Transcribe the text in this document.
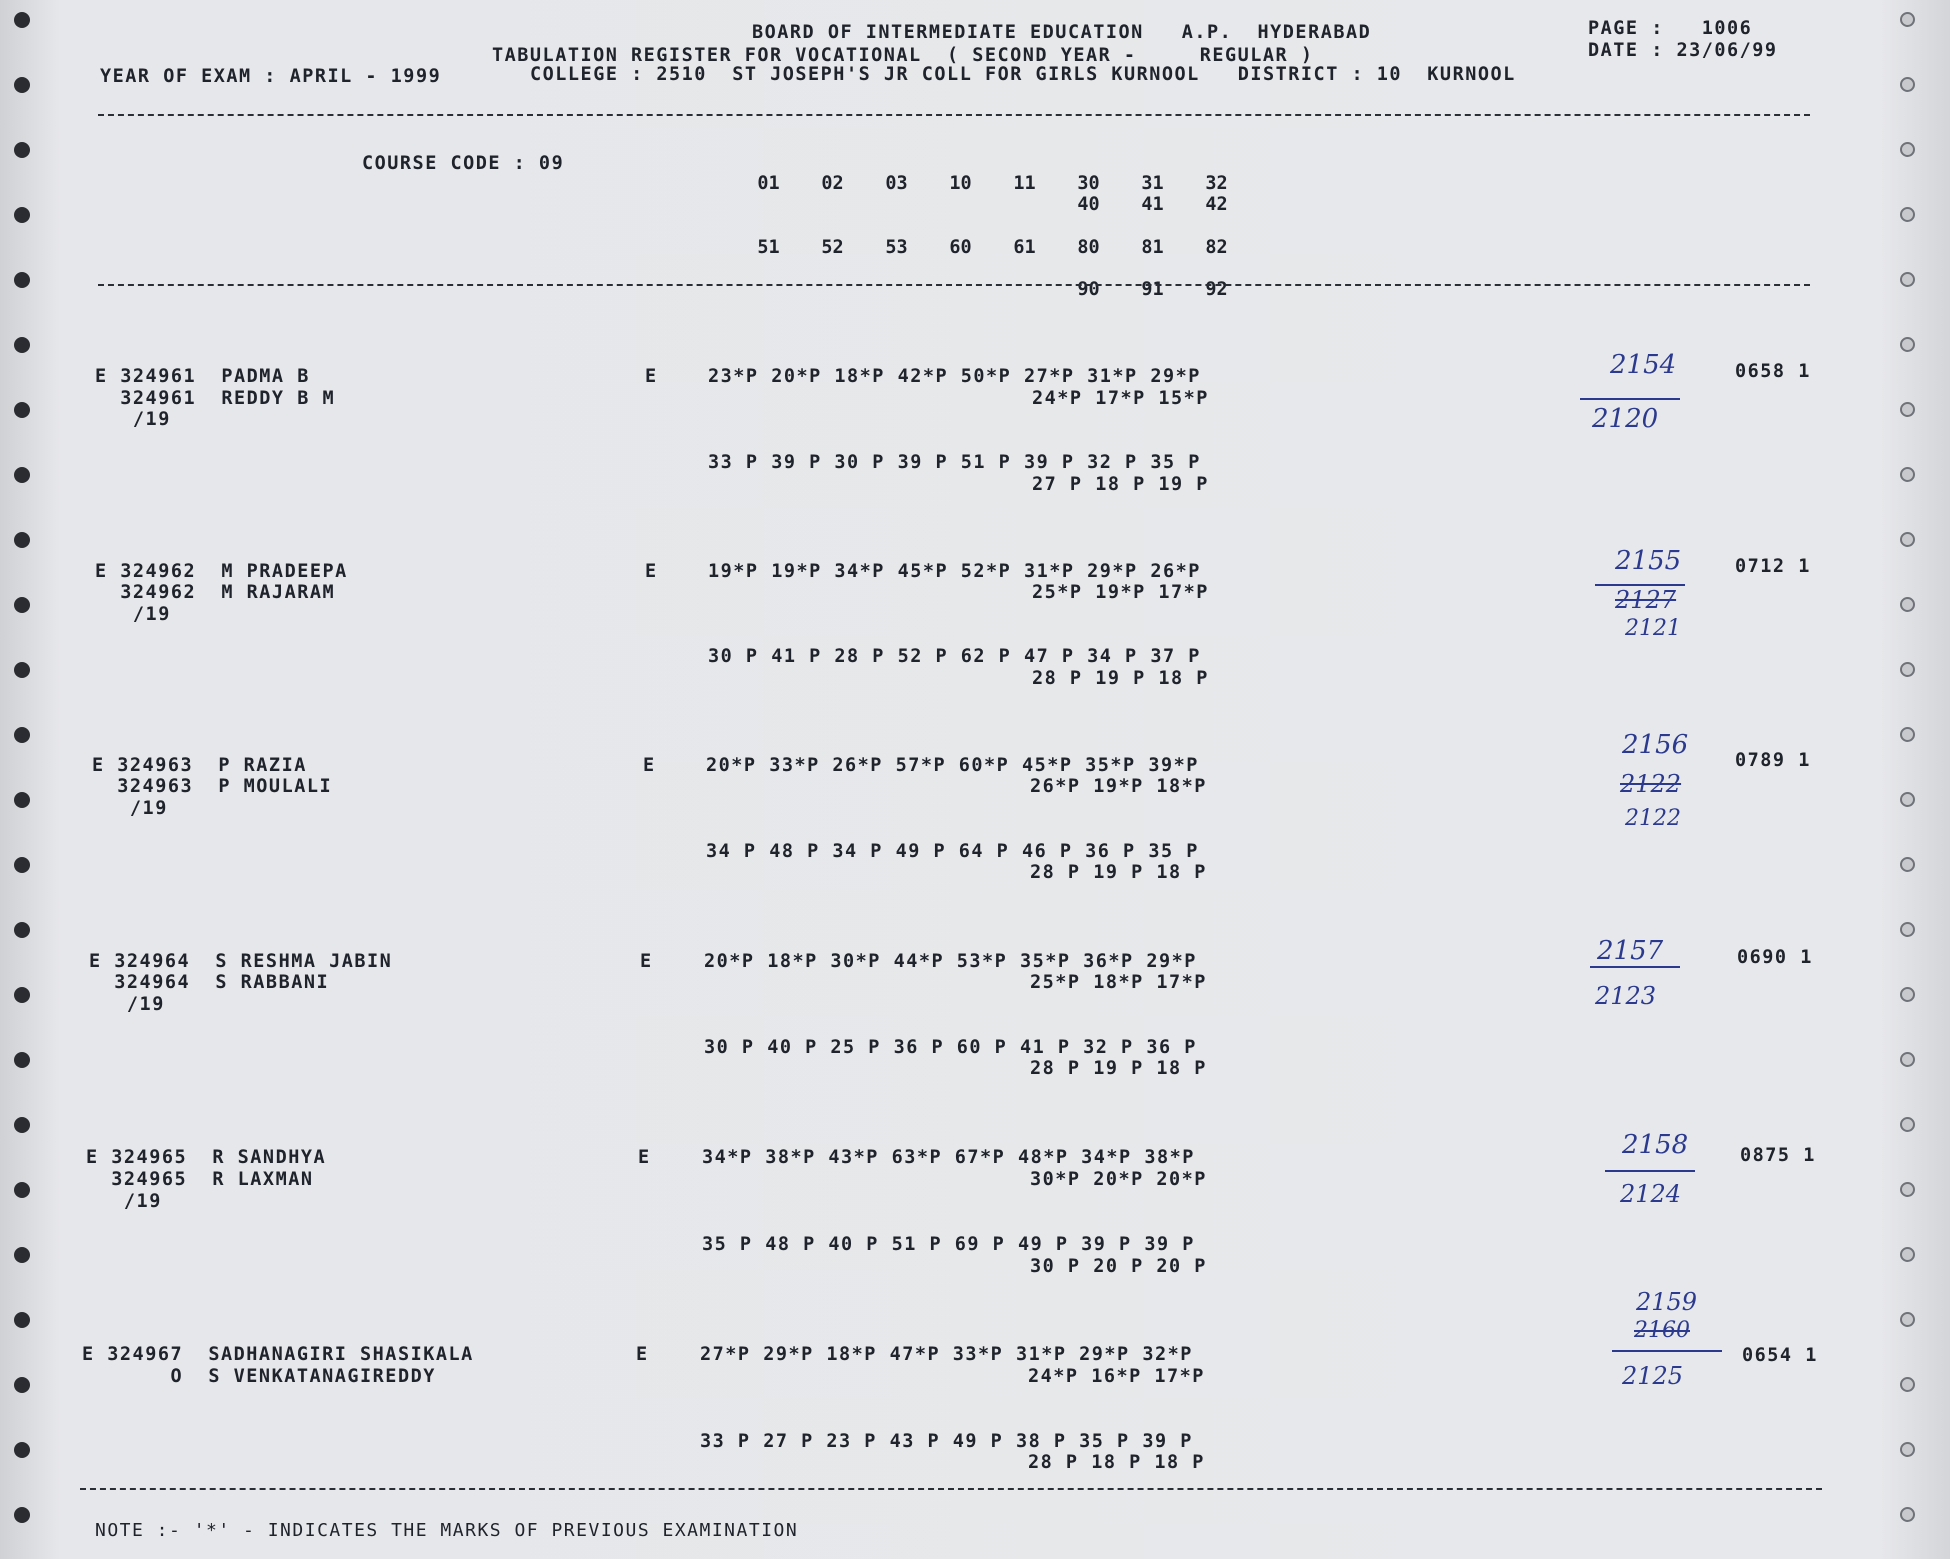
BOARD OF INTERMEDIATE EDUCATION   A.P.  HYDERABAD
TABULATION REGISTER FOR VOCATIONAL  ( SECOND YEAR -     REGULAR )
YEAR OF EXAM : APRIL - 1999	COLLEGE : 2510  ST JOSEPH'S JR COLL FOR GIRLS KURNOOL   DISTRICT : 10  KURNOOL
PAGE :   1006
DATE : 23/06/99
COURSE CODE : 09

01 02 03 10 11 30 31 32

40 41 42

51 52 53 60 61 80 81 82

90 91 92

E 324961  PADMA B
324961  REDDY B M
/19
E	23*P 20*P 18*P 42*P 50*P 27*P 31*P 29*P
24*P 17*P 15*P
33 P 39 P 30 P 39 P 51 P 39 P 32 P 35 P
27 P 18 P 19 P
0658 1
2154
2120
E 324962  M PRADEEPA
324962  M RAJARAM
/19
E	19*P 19*P 34*P 45*P 52*P 31*P 29*P 26*P
25*P 19*P 17*P
30 P 41 P 28 P 52 P 62 P 47 P 34 P 37 P
28 P 19 P 18 P
0712 1
2155
2127
2121
E 324963  P RAZIA
324963  P MOULALI
/19
E	20*P 33*P 26*P 57*P 60*P 45*P 35*P 39*P
26*P 19*P 18*P
34 P 48 P 34 P 49 P 64 P 46 P 36 P 35 P
28 P 19 P 18 P
0789 1
2156
2122
2122
E 324964  S RESHMA JABIN
324964  S RABBANI
/19
E	20*P 18*P 30*P 44*P 53*P 35*P 36*P 29*P
25*P 18*P 17*P
30 P 40 P 25 P 36 P 60 P 41 P 32 P 36 P
28 P 19 P 18 P
0690 1
2157
2123
E 324965  R SANDHYA
324965  R LAXMAN
/19
E	34*P 38*P 43*P 63*P 67*P 48*P 34*P 38*P
30*P 20*P 20*P
35 P 48 P 40 P 51 P 69 P 49 P 39 P 39 P
30 P 20 P 20 P
0875 1
2158
2124
E 324967  SADHANAGIRI SHASIKALA
O  S VENKATANAGIREDDY
E	27*P 29*P 18*P 47*P 33*P 31*P 29*P 32*P
24*P 16*P 17*P
33 P 27 P 23 P 43 P 49 P 38 P 35 P 39 P
28 P 18 P 18 P
0654 1
2159
2160
2125
NOTE :- '*' - INDICATES THE MARKS OF PREVIOUS EXAMINATION
